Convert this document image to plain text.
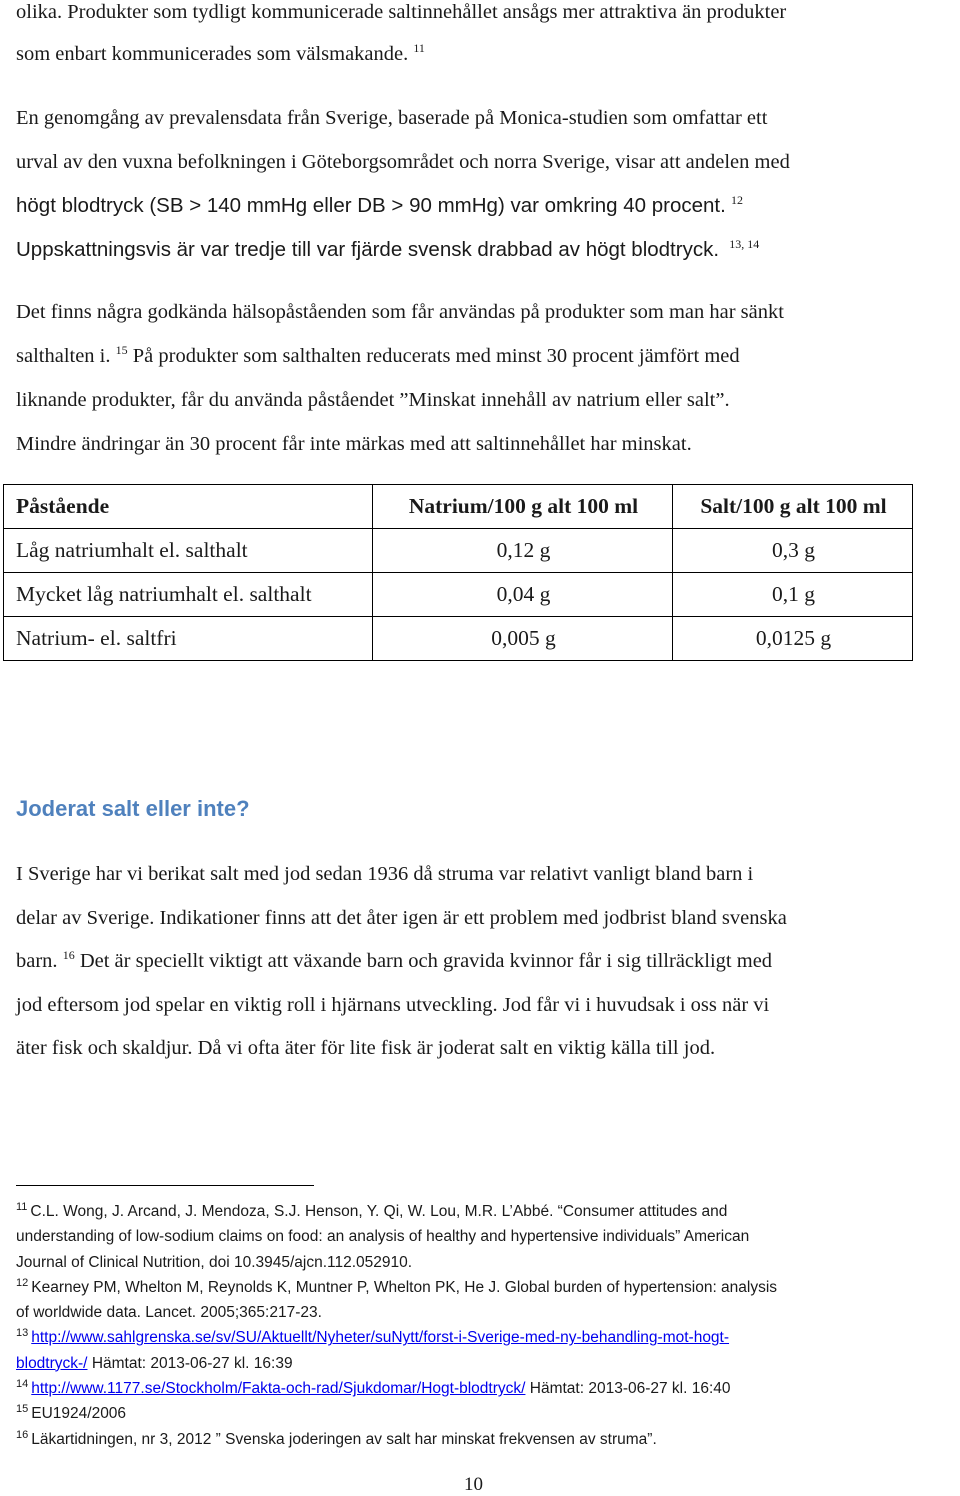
olika. Produkter som tydligt kommunicerade saltinnehållet ansågs mer attraktiva än produkter
som enbart kommunicerades som välsmakande. $^{11}$

En genomgång av prevalensdata från Sverige, baserade på Monica-studien som omfattar ett
urval av den vuxna befolkningen i Göteborgsområdet och norra Sverige, visar att andelen med
högt blodtryck (SB > 140 mmHg eller DB > 90 mmHg) var omkring 40 procent. $^{12}$
Uppskattningsvis är var tredje till var fjärde svensk drabbad av högt blodtryck. $^{13, 14}$

Det finns några godkända hälsopåståenden som får användas på produkter som man har sänkt
salthalten i. $^{15}$ På produkter som salthalten reducerats med minst 30 procent jämfört med
liknande produkter, får du använda påståendet ”Minskat innehåll av natrium eller salt”.
Mindre ändringar än 30 procent får inte märkas med att saltinnehållet har minskat.

Påstående	Natrium/100 g alt 100 ml	Salt/100 g alt 100 ml
Låg natriumhalt el. salthalt	0,12 g	0,3 g
Mycket låg natriumhalt el. salthalt	0,04 g	0,1 g
Natrium- el. saltfri	0,005 g	0,0125 g
Joderat salt eller inte?

I Sverige har vi berikat salt med jod sedan 1936 då struma var relativt vanligt bland barn i
delar av Sverige. Indikationer finns att det åter igen är ett problem med jodbrist bland svenska
barn. $^{16}$ Det är speciellt viktigt att växande barn och gravida kvinnor får i sig tillräckligt med
jod eftersom jod spelar en viktig roll i hjärnans utveckling. Jod får vi i huvudsak i oss när vi
äter fisk och skaldjur. Då vi ofta äter för lite fisk är joderat salt en viktig källa till jod.

$^{11}$ C.L. Wong, J. Arcand, J. Mendoza, S.J. Henson, Y. Qi, W. Lou, M.R. L’Abbé. “Consumer attitudes and
understanding of low-sodium claims on food: an analysis of healthy and hypertensive individuals” American
Journal of Clinical Nutrition, doi 10.3945/ajcn.112.052910.
$^{12}$ Kearney PM, Whelton M, Reynolds K, Muntner P, Whelton PK, He J. Global burden of hypertension: analysis
of worldwide data. Lancet. 2005;365:217-23.
$^{13}$ http://www.sahlgrenska.se/sv/SU/Aktuellt/Nyheter/suNytt/forst-i-Sverige-med-ny-behandling-mot-hogt-
blodtryck-/ Hämtat: 2013-06-27 kl. 16:39
$^{14}$ http://www.1177.se/Stockholm/Fakta-och-rad/Sjukdomar/Hogt-blodtryck/ Hämtat: 2013-06-27 kl. 16:40
$^{15}$ EU1924/2006
$^{16}$ Läkartidningen, nr 3, 2012 ” Svenska joderingen av salt har minskat frekvensen av struma”.
10
